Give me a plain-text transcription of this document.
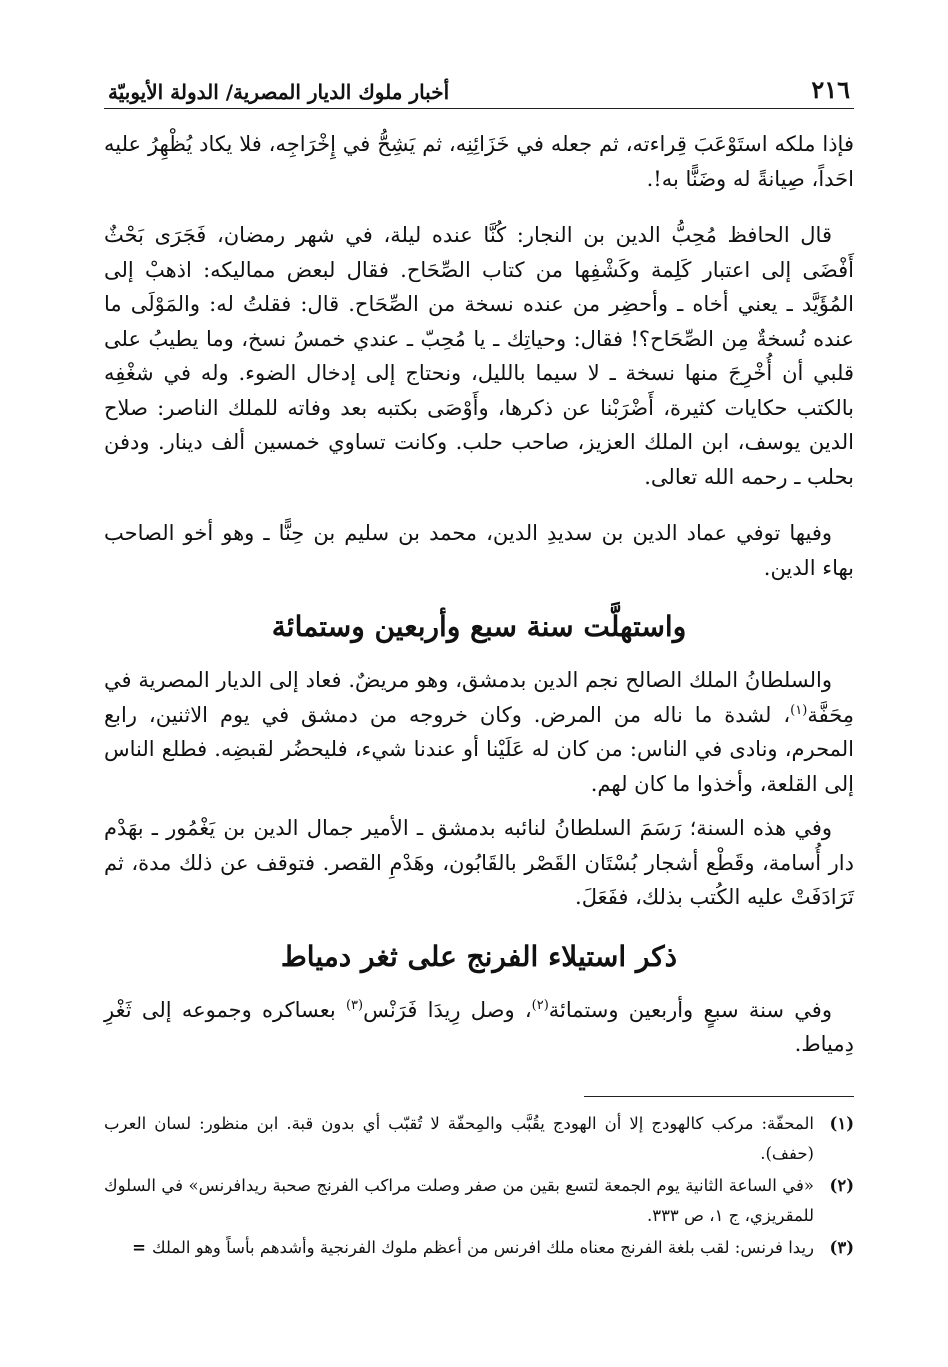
٢١٦
أخبار ملوك الديار المصرية/ الدولة الأيوبيّة

فإذا ملكه استَوْعَبَ قِراءته، ثم جعله في خَزَائِنِه، ثم يَشِحُّ في إِخْرَاجِه، فلا يكاد يُظْهِرُ عليه احَداً، صِيانةً له وضَنًّا به!.

قال الحافظ مُحِبُّ الدين بن النجار: كُنَّا عنده ليلة، في شهر رمضان، فَجَرَى بَحْثٌ أَفْضَى إلى اعتبار كَلِمة وكَشْفِها من كتاب الصِّحَاح. فقال لبعض مماليكه: اذهبْ إلى المُؤَيَّد ـ يعني أخاه ـ وأحضِر من عنده نسخة من الصِّحَاح. قال: فقلتُ له: والمَوْلَى ما عنده نُسخةٌ مِن الصِّحَاح؟! فقال: وحياتِك ـ يا مُحِبّ ـ عندي خمسُ نسخ، وما يطيبُ على قلبي أن أُخْرِجَ منها نسخة ـ لا سيما بالليل، ونحتاج إلى إدخال الضوء. وله في شغْفِه بالكتب حكايات كثيرة، أَضْرَبْنا عن ذكرها، وأَوْصَى بكتبه بعد وفاته للملك الناصر: صلاح الدين يوسف، ابن الملك العزيز، صاحب حلب. وكانت تساوي خمسين ألف دينار. ودفن بحلب ـ رحمه الله تعالى.

وفيها توفي عماد الدين بن سديدِ الدين، محمد بن سليم بن حِنًّا ـ وهو أخو الصاحب بهاء الدين.

واستهلَّت سنة سبع وأربعين وستمائة

والسلطانُ الملك الصالح نجم الدين بدمشق، وهو مريضٌ. فعاد إلى الديار المصرية في مِحَفَّة$^{(١)}$، لشدة ما ناله من المرض. وكان خروجه من دمشق في يوم الاثنين، رابع المحرم، ونادى في الناس: من كان له عَلَيْنا أو عندنا شيء، فليحضُر لقبضِه. فطلع الناس إلى القلعة، وأخذوا ما كان لهم.

وفي هذه السنة؛ رَسَمَ السلطانُ لنائبه بدمشق ـ الأمير جمال الدين بن يَغْمُور ـ بهَدْم دار أُسامة، وقَطْع أشجار بُسْتَان القَصْر بالقَابُون، وهَدْمِ القصر. فتوقف عن ذلك مدة، ثم تَرَادَفَتْ عليه الكُتب بذلك، ففَعَلَ.

ذكر استيلاء الفرنج على ثغر دمياط

وفي سنة سبعٍ وأربعين وستمائة$^{(٢)}$، وصل رِيدَا فَرَنْس$^{(٣)}$ بعساكره وجموعه إلى ثَغْرِ دِمياط.

(١)
المحفّة: مركب كالهودج إلا أن الهودج يقُبَّب والمِحفّة لا تُقبّب أي بدون قبة. ابن منظور: لسان العرب (حفف).
(٢)
«في الساعة الثانية يوم الجمعة لتسع بقين من صفر وصلت مراكب الفرنج صحبة ريدافرنس» في السلوك للمقريزي، ج ١، ص ٣٣٣.
(٣)
ريدا فرنس: لقب بلغة الفرنج معناه ملك افرنس من أعظم ملوك الفرنجية وأشدهم بأساً وهو الملك=
